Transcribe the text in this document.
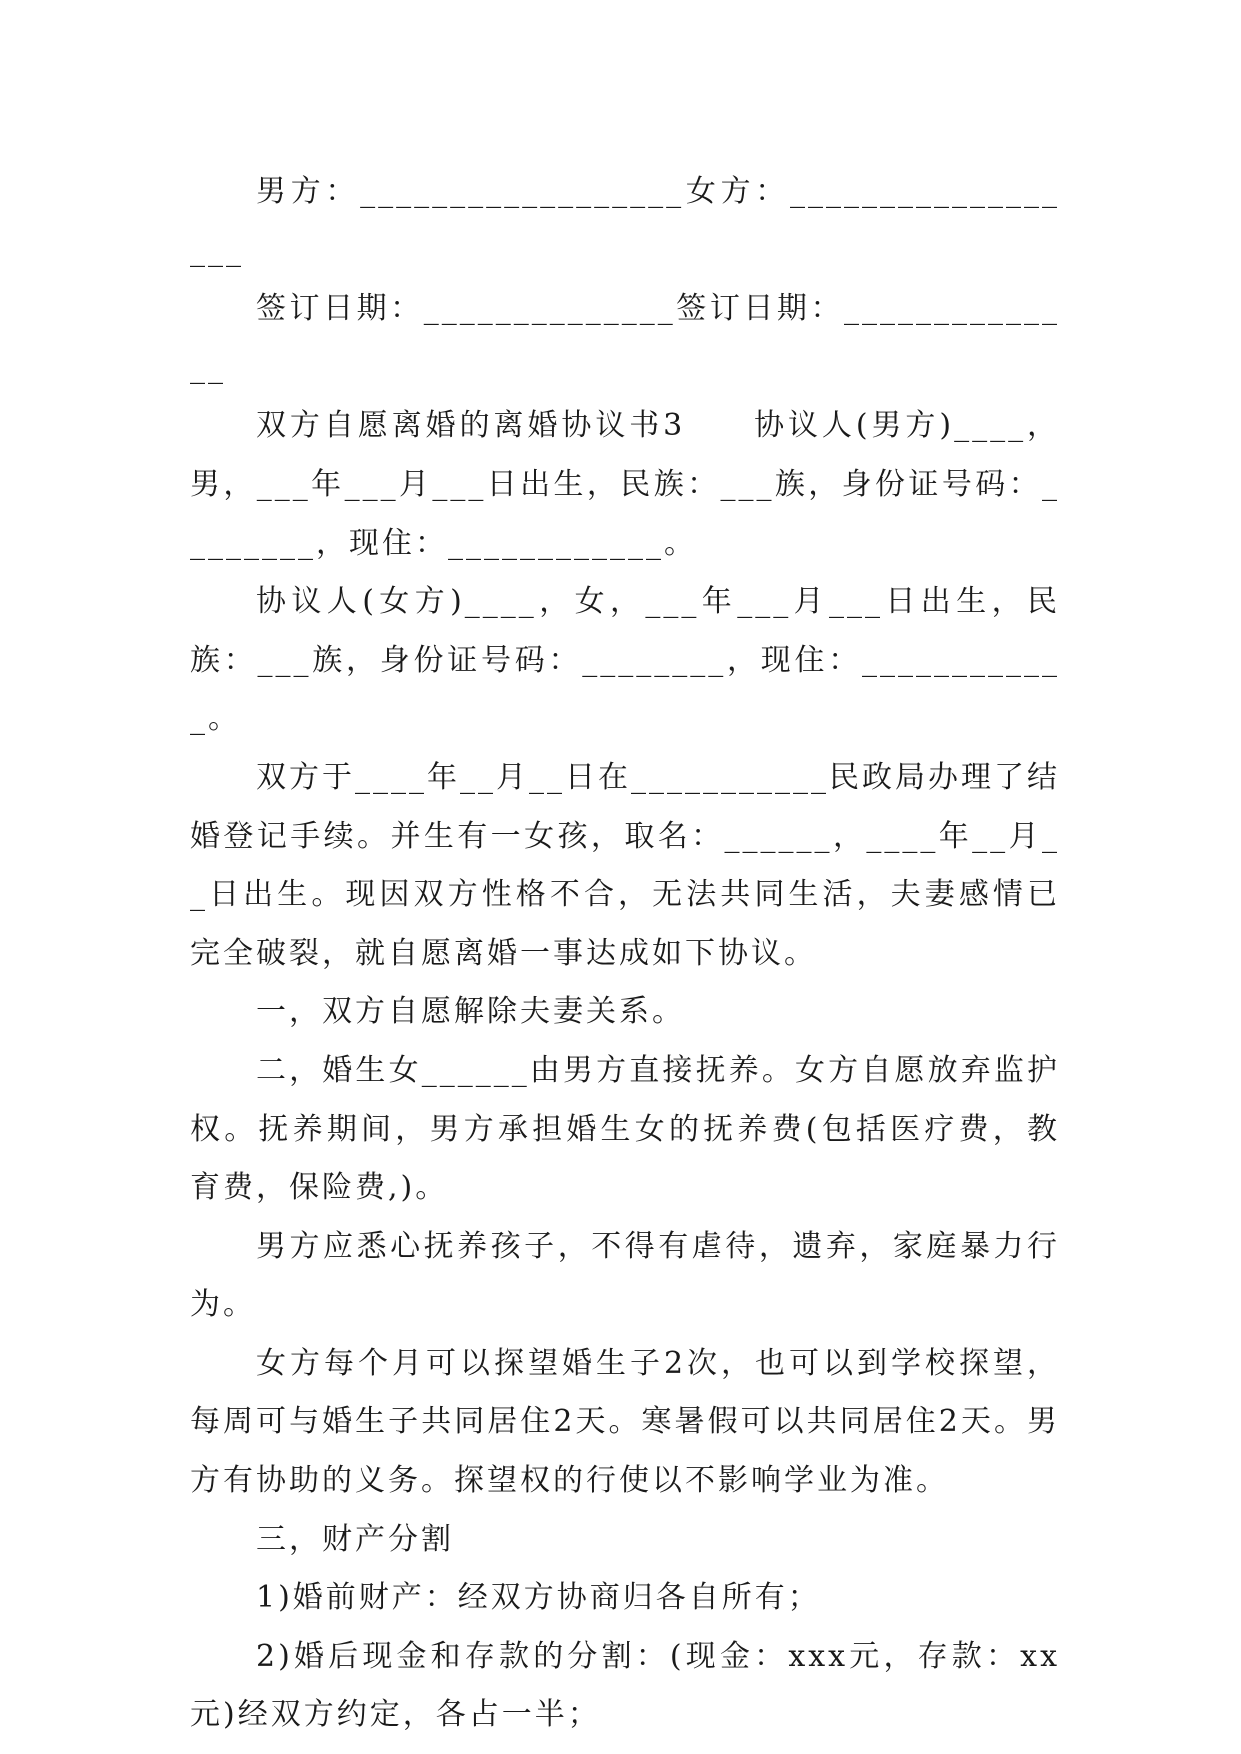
男方：__________________女方：__________________

签订日期：______________签订日期：______________

双方自愿离婚的离婚协议书3　　协议人(男方)____，男，___年___月___日出生，民族：___族，身份证号码：________，现住：____________。

协议人(女方)____，女，___年___月___日出生，民族：___族，身份证号码：________，现住：____________。

双方于____年__月__日在___________民政局办理了结婚登记手续。并生有一女孩，取名：______，____年__月__日出生。现因双方性格不合，无法共同生活，夫妻感情已完全破裂，就自愿离婚一事达成如下协议。

一，双方自愿解除夫妻关系。

二，婚生女______由男方直接抚养。女方自愿放弃监护权。抚养期间，男方承担婚生女的抚养费(包括医疗费，教育费，保险费,)。

男方应悉心抚养孩子，不得有虐待，遗弃，家庭暴力行为。

女方每个月可以探望婚生子2次，也可以到学校探望，每周可与婚生子共同居住2天。寒暑假可以共同居住2天。男方有协助的义务。探望权的行使以不影响学业为准。

三，财产分割

1)婚前财产：经双方协商归各自所有；

2)婚后现金和存款的分割：(现金：xxx元，存款：xx元)经双方约定，各占一半；
